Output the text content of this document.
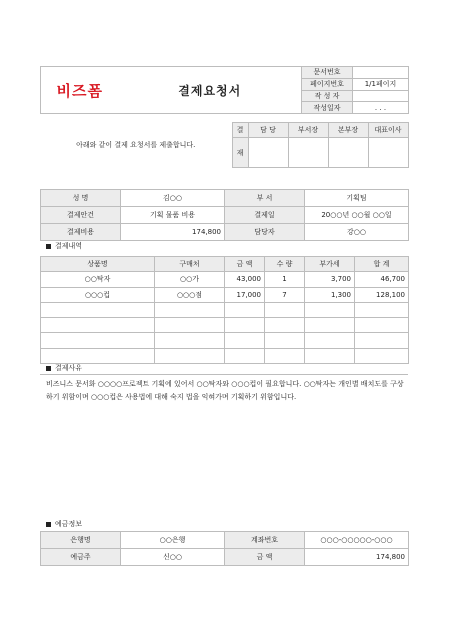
비즈폼	결제요청서	문서번호	
		페이지번호	1/1페이지
		작 성 자	
		작성일자	. . .
아래와 같이 결제 요청서를 제출합니다.	결	담 당	부서장	본부장	대표이사
	재				
성 명	김○○	부 서	기획팀
결제안건	기획 물품 비용	결제일	20○○년 ○○월 ○○일
결제비용	174,800	담당자	강○○
결제내역
상품명	구매처	금 액	수 량	부가세	합 계
○○탁자	○○가	43,000	1	3,700	46,700
○○○컵	○○○점	17,000	7	1,300	128,100

결제사유
비즈니스 문서화 ○○○○프로젝트 기획에 있어서 ○○탁자와 ○○○컵이 필요합니다. ○○탁자는 개인별 배치도를 구상하기 위함이며 ○○○컵은 사용법에 대해 숙지 법을 익혀가며 기획하기 위함입니다.
예금정보
은행명	○○은행	계좌번호	○○○-○○○○○-○○○
예금주	신○○	금 액	174,800
